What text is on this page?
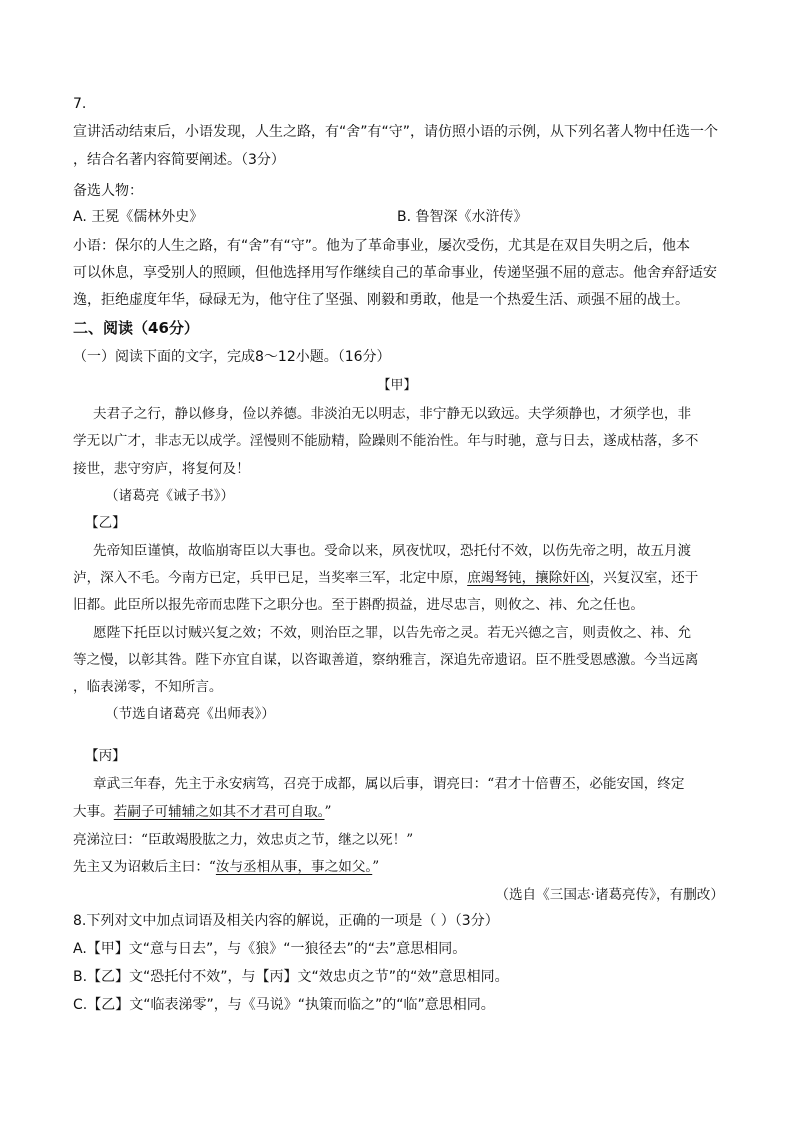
7.
宣讲活动结束后，小语发现，人生之路，有“舍”有“守”，请仿照小语的示例，从下列名著人物中任选一个
，结合名著内容简要阐述。（3分）
备选人物：
A. 王冕《儒林外史》	B. 鲁智深《水浒传》
小语：保尔的人生之路，有“舍”有“守”。他为了革命事业，屡次受伤，尤其是在双目失明之后，他本
可以休息，享受别人的照顾，但他选择用写作继续自己的革命事业，传递坚强不屈的意志。他舍弃舒适安
逸，拒绝虚度年华，碌碌无为，他守住了坚强、刚毅和勇敢，他是一个热爱生活、顽强不屈的战士。
二、阅读（46分）
（一）阅读下面的文字，完成8～12小题。（16分）
【甲】
夫君子之行，静以修身，俭以养德。非淡泊无以明志，非宁静无以致远。夫学须静也，才须学也，非
学无以广才，非志无以成学。淫慢则不能励精，险躁则不能治性。年与时驰，意与日去，遂成枯落，多不
接世，悲守穷庐，将复何及！
（诸葛亮《诫子书》）
【乙】
先帝知臣谨慎，故临崩寄臣以大事也。受命以来，夙夜忧叹，恐托付不效，以伤先帝之明，故五月渡
泸，深入不毛。今南方已定，兵甲已足，当奖率三军，北定中原，庶竭驽钝，攘除奸凶，兴复汉室，还于
旧都。此臣所以报先帝而忠陛下之职分也。至于斟酌损益，进尽忠言，则攸之、祎、允之任也。
愿陛下托臣以讨贼兴复之效；不效，则治臣之罪，以告先帝之灵。若无兴德之言，则责攸之、祎、允
等之慢，以彰其咎。陛下亦宜自谋，以咨诹善道，察纳雅言，深追先帝遗诏。臣不胜受恩感激。今当远离
，临表涕零，不知所言。
（节选自诸葛亮《出师表》）
【丙】
章武三年春，先主于永安病笃，召亮于成都，属以后事，谓亮曰：“君才十倍曹丕，必能安国，终定
大事。若嗣子可辅辅之如其不才君可自取。”
亮涕泣曰：“臣敢竭股肱之力，效忠贞之节，继之以死！”
先主又为诏敕后主曰：“汝与丞相从事，事之如父。”
（选自《三国志·诸葛亮传》，有删改）
8.下列对文中加点词语及相关内容的解说，正确的一项是（ ）（3分）
A.【甲】文“意与日去”，与《狼》“一狼径去”的“去”意思相同。
B.【乙】文“恐托付不效”，与【丙】文“效忠贞之节”的“效”意思相同。
C.【乙】文“临表涕零”，与《马说》“执策而临之”的“临”意思相同。
